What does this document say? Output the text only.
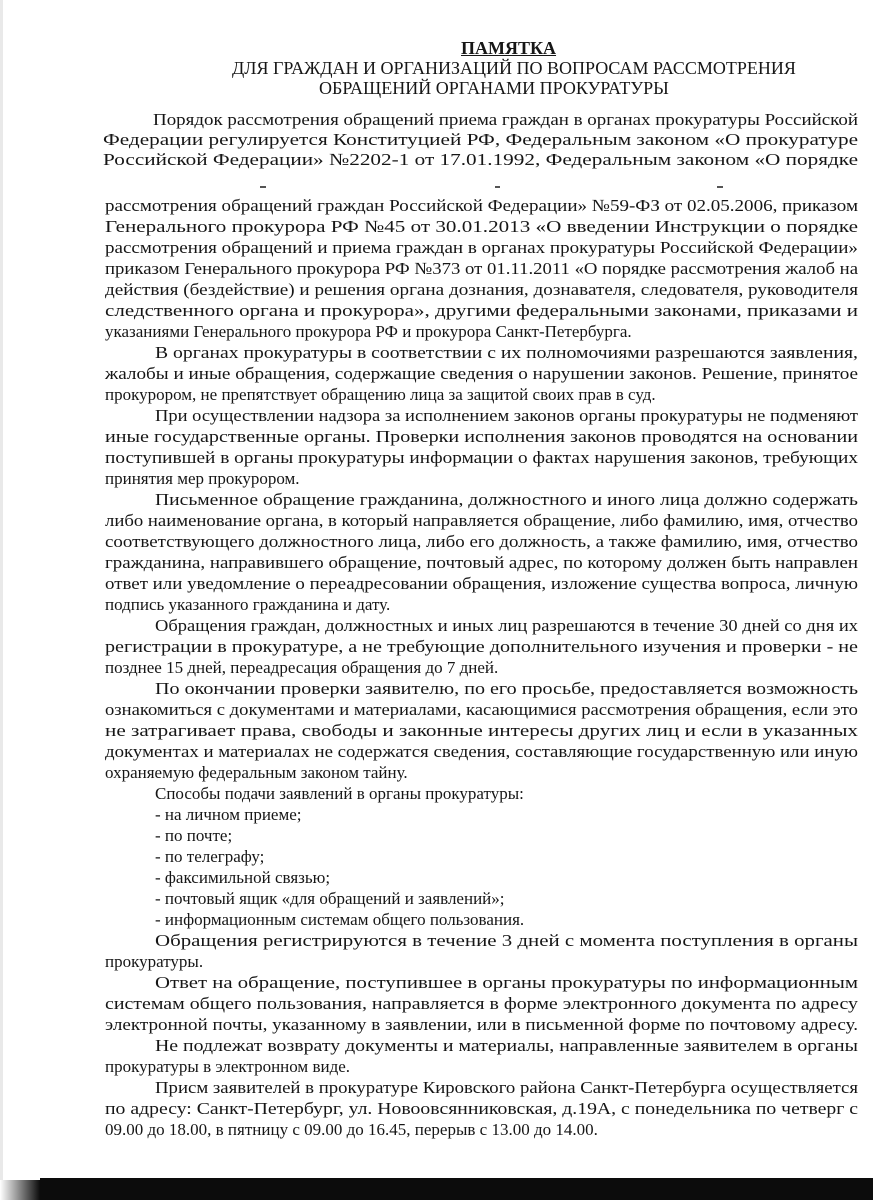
ПАМЯТКА
ДЛЯ ГРАЖДАН И ОРГАНИЗАЦИЙ ПО ВОПРОСАМ РАССМОТРЕНИЯ
ОБРАЩЕНИЙ ОРГАНАМИ ПРОКУРАТУРЫ
Порядок рассмотрения обращений приема граждан в органах прокуратуры Российской
Федерации регулируется Конституцией РФ, Федеральным законом «О прокуратуре
Российской Федерации» №2202-1 от 17.01.1992, Федеральным законом «О порядке
рассмотрения обращений граждан Российской Федерации» №59-ФЗ от 02.05.2006, приказом
Генерального прокурора РФ №45 от 30.01.2013 «О введении Инструкции о порядке
рассмотрения обращений и приема граждан в органах прокуратуры Российской Федерации»
приказом Генерального прокурора РФ №373 от 01.11.2011 «О порядке рассмотрения жалоб на
действия (бездействие) и решения органа дознания, дознавателя, следователя, руководителя
следственного органа и прокурора», другими федеральными законами, приказами и
указаниями Генерального прокурора РФ и прокурора Санкт-Петербурга.
В органах прокуратуры в соответствии с их полномочиями разрешаются заявления,
жалобы и иные обращения, содержащие сведения о нарушении законов. Решение, принятое
прокурором, не препятствует обращению лица за защитой своих прав в суд.
При осуществлении надзора за исполнением законов органы прокуратуры не подменяют
иные государственные органы. Проверки исполнения законов проводятся на основании
поступившей в органы прокуратуры информации о фактах нарушения законов, требующих
принятия мер прокурором.
Письменное обращение гражданина, должностного и иного лица должно содержать
либо наименование органа, в который направляется обращение, либо фамилию, имя, отчество
соответствующего должностного лица, либо его должность, а также фамилию, имя, отчество
гражданина, направившего обращение, почтовый адрес, по которому должен быть направлен
ответ или уведомление о переадресовании обращения, изложение существа вопроса, личную
подпись указанного гражданина и дату.
Обращения граждан, должностных и иных лиц разрешаются в течение 30 дней со дня их
регистрации в прокуратуре, а не требующие дополнительного изучения и проверки - не
позднее 15 дней, переадресация обращения до 7 дней.
По окончании проверки заявителю, по его просьбе, предоставляется возможность
ознакомиться с документами и материалами, касающимися рассмотрения обращения, если это
не затрагивает права, свободы и законные интересы других лиц и если в указанных
документах и материалах не содержатся сведения, составляющие государственную или иную
охраняемую федеральным законом тайну.
Способы подачи заявлений в органы прокуратуры:
- на личном приеме;
- по почте;
- по телеграфу;
- факсимильной связью;
- почтовый ящик «для обращений и заявлений»;
- информационным системам общего пользования.
Обращения регистрируются в течение 3 дней с момента поступления в органы
прокуратуры.
Ответ на обращение, поступившее в органы прокуратуры по информационным
системам общего пользования, направляется в форме электронного документа по адресу
электронной почты, указанному в заявлении, или в письменной форме по почтовому адресу.
Не подлежат возврату документы и материалы, направленные заявителем в органы
прокуратуры в электронном виде.
Присм заявителей в прокуратуре Кировского района Санкт-Петербурга осуществляется
по адресу: Санкт-Петербург, ул. Новоовсянниковская, д.19А, с понедельника по четверг с
09.00 до 18.00, в пятницу с 09.00 до 16.45, перерыв с 13.00 до 14.00.
